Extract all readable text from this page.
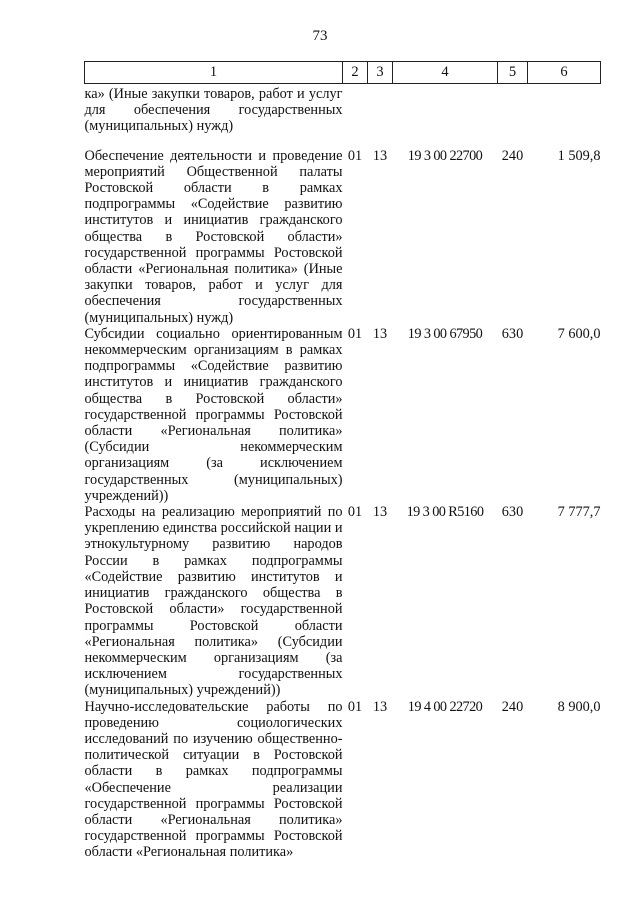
73
1	2	3	4	5	6
ка» (Иные закупки товаров, работ и услуг для обеспечения государственных (муниципальных) нужд)					
Обеспечение деятельности и проведение мероприятий Общественной палаты Ростовской области в рамках подпрограммы «Содействие развитию институтов и инициатив гражданского общества в Ростовской области» государственной программы Ростовской области «Региональная политика» (Иные закупки товаров, работ и услуг для обеспечения государственных (муниципальных) нужд)	01	13	19 3 00 22700	240	1 509,8
Субсидии социально ориентированным некоммерческим организациям в рамках подпрограммы «Содействие развитию институтов и инициатив гражданского общества в Ростовской области» государственной программы Ростовской области «Региональная политика» (Субсидии некоммерческим организациям (за исключением государственных (муниципальных) учреждений))	01	13	19 3 00 67950	630	7 600,0
Расходы на реализацию мероприятий по укреплению единства российской нации и этнокультурному развитию народов России в рамках подпрограммы «Содействие развитию институтов и инициатив гражданского общества в Ростовской области» государственной программы Ростовской области «Региональная политика» (Субсидии некоммерческим организациям (за исключением государственных (муниципальных) учреждений))	01	13	19 3 00 R5160	630	7 777,7
Научно-исследовательские работы по проведению социологических исследований по изучению общественно-политической ситуации в Ростовской области в рамках подпрограммы «Обеспечение реализации государственной программы Ростовской области «Региональная политика» государственной программы Ростовской области «Региональная политика»	01	13	19 4 00 22720	240	8 900,0
